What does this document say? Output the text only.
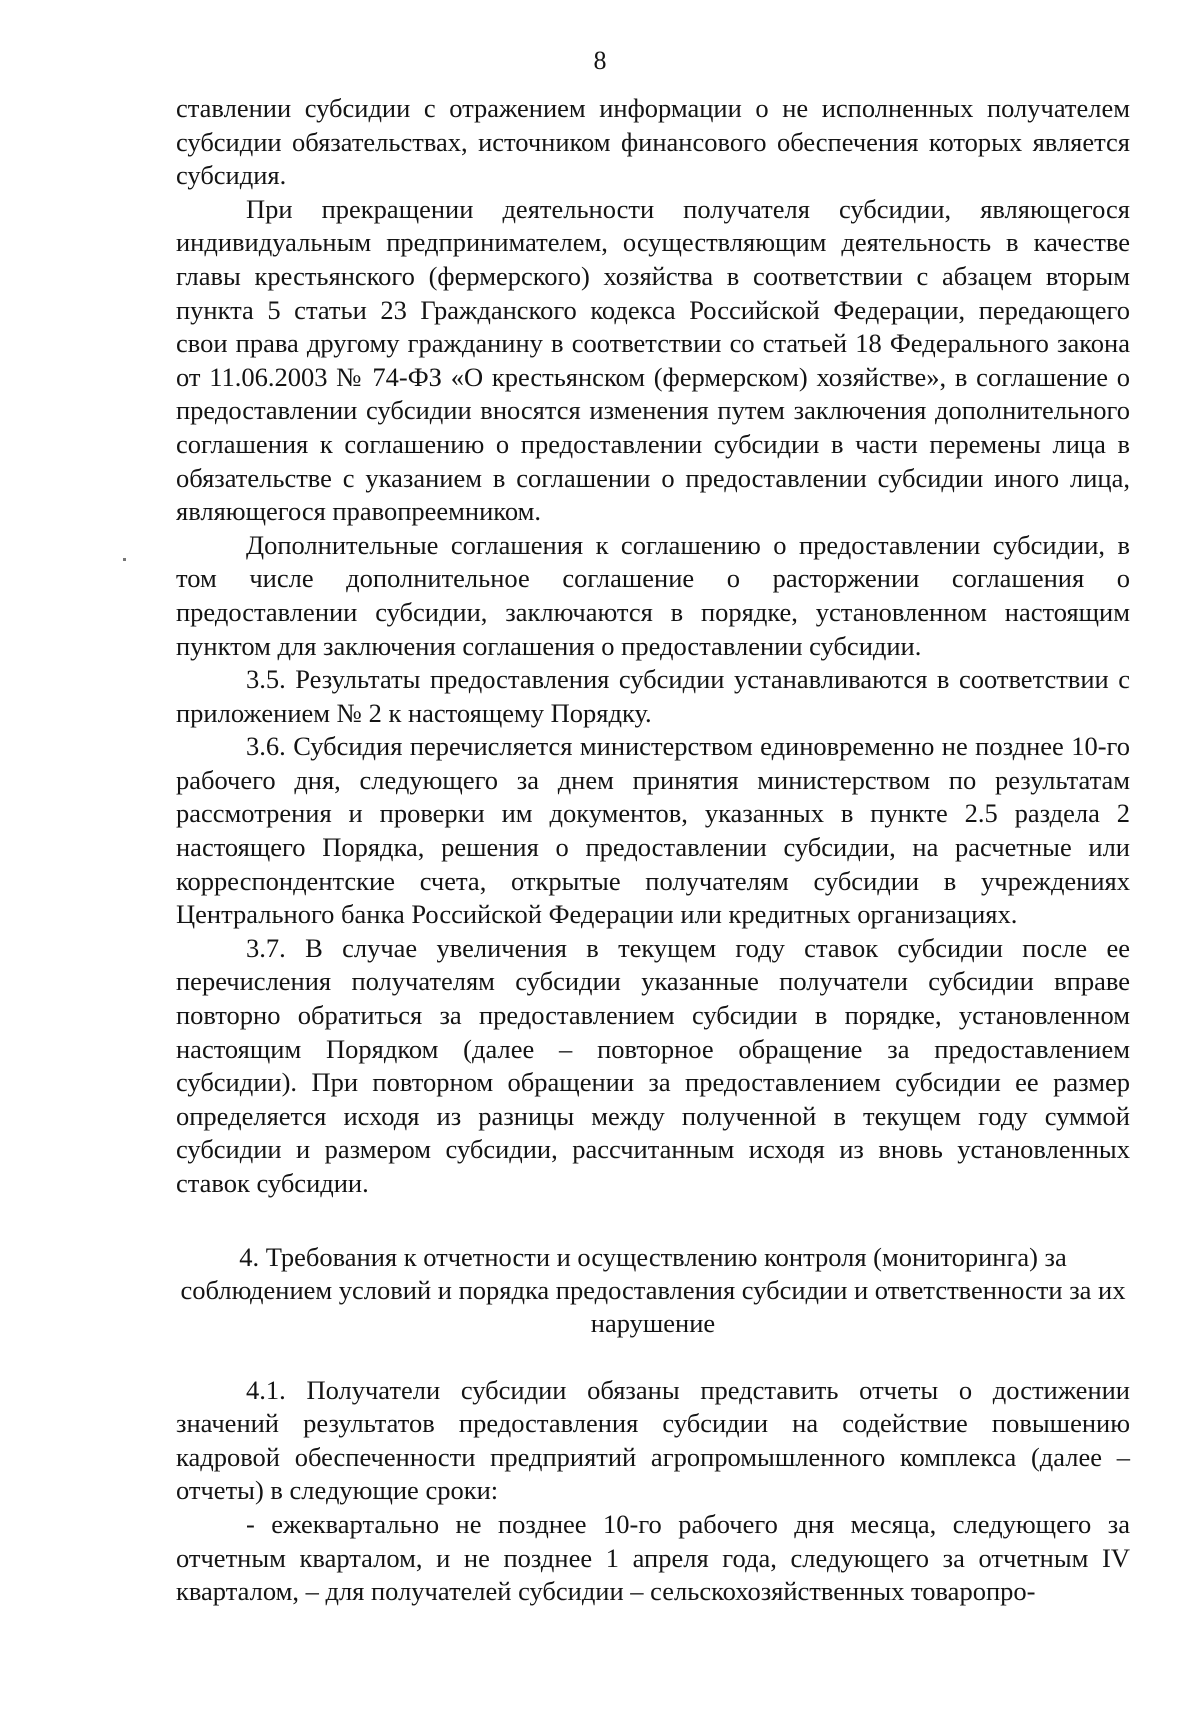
8

ставлении субсидии с отражением информации о не исполненных получателем субсидии обязательствах, источником финансового обеспечения которых является субсидия.

При прекращении деятельности получателя субсидии, являющегося индивидуальным предпринимателем, осуществляющим деятельность в качестве главы крестьянского (фермерского) хозяйства в соответствии с абзацем вторым пункта 5 статьи 23 Гражданского кодекса Российской Федерации, передающего свои права другому гражданину в соответствии со статьей 18 Федерального закона от 11.06.2003 № 74-ФЗ «О крестьянском (фермерском) хозяйстве», в соглашение о предоставлении субсидии вносятся изменения путем заключения дополнительного соглашения к соглашению о предоставлении субсидии в части перемены лица в обязательстве с указанием в соглашении о предоставлении субсидии иного лица, являющегося правопреемником.

Дополнительные соглашения к соглашению о предоставлении субсидии, в том числе дополнительное соглашение о расторжении соглашения о предоставлении субсидии, заключаются в порядке, установленном настоящим пунктом для заключения соглашения о предоставлении субсидии.

3.5. Результаты предоставления субсидии устанавливаются в соответствии с приложением № 2 к настоящему Порядку.

3.6. Субсидия перечисляется министерством единовременно не позднее 10-го рабочего дня, следующего за днем принятия министерством по результатам рассмотрения и проверки им документов, указанных в пункте 2.5 раздела 2 настоящего Порядка, решения о предоставлении субсидии, на расчетные или корреспондентские счета, открытые получателям субсидии в учреждениях Центрального банка Российской Федерации или кредитных организациях.

3.7. В случае увеличения в текущем году ставок субсидии после ее перечисления получателям субсидии указанные получатели субсидии вправе повторно обратиться за предоставлением субсидии в порядке, установленном настоящим Порядком (далее – повторное обращение за предоставлением субсидии). При повторном обращении за предоставлением субсидии ее размер определяется исходя из разницы между полученной в текущем году суммой субсидии и размером субсидии, рассчитанным исходя из вновь установленных ставок субсидии.

4. Требования к отчетности и осуществлению контроля (мониторинга) за соблюдением условий и порядка предоставления субсидии и ответственности за их нарушение

4.1. Получатели субсидии обязаны представить отчеты о достижении значений результатов предоставления субсидии на содействие повышению кадровой обеспеченности предприятий агропромышленного комплекса (далее – отчеты) в следующие сроки:

- ежеквартально не позднее 10-го рабочего дня месяца, следующего за отчетным кварталом, и не позднее 1 апреля года, следующего за отчетным IV кварталом, – для получателей субсидии – сельскохозяйственных товаропро-
